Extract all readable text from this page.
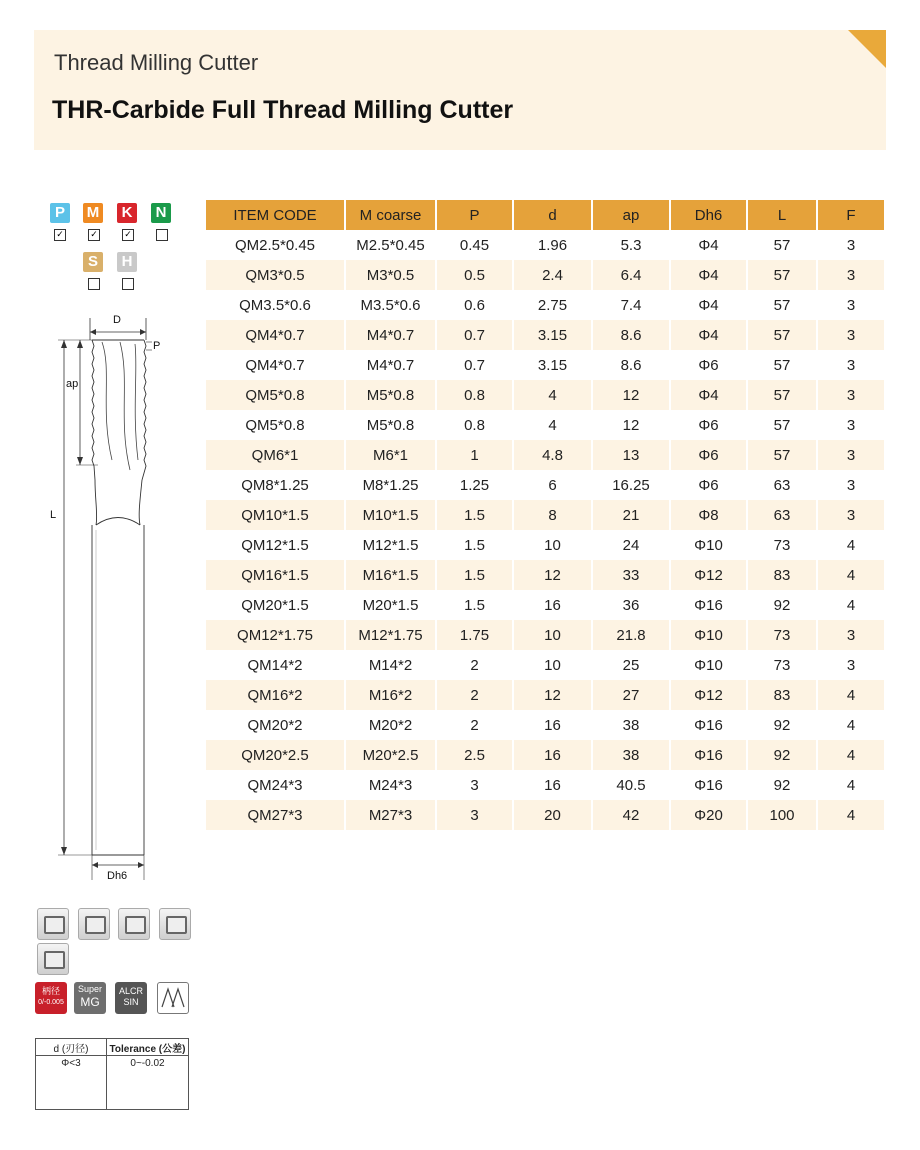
Thread Milling Cutter
THR-Carbide Full Thread Milling Cutter
P	M	K	N
✓	✓	✓
S	H
D
P
ap
L
Dh6
ITEM CODE	M coarse	P	d	ap	Dh6	L	F
QM2.5*0.45	M2.5*0.45	0.45	1.96	5.3	Φ4	57	3
QM3*0.5	M3*0.5	0.5	2.4	6.4	Φ4	57	3
QM3.5*0.6	M3.5*0.6	0.6	2.75	7.4	Φ4	57	3
QM4*0.7	M4*0.7	0.7	3.15	8.6	Φ4	57	3
QM4*0.7	M4*0.7	0.7	3.15	8.6	Φ6	57	3
QM5*0.8	M5*0.8	0.8	4	12	Φ4	57	3
QM5*0.8	M5*0.8	0.8	4	12	Φ6	57	3
QM6*1	M6*1	1	4.8	13	Φ6	57	3
QM8*1.25	M8*1.25	1.25	6	16.25	Φ6	63	3
QM10*1.5	M10*1.5	1.5	8	21	Φ8	63	3
QM12*1.5	M12*1.5	1.5	10	24	Φ10	73	4
QM16*1.5	M16*1.5	1.5	12	33	Φ12	83	4
QM20*1.5	M20*1.5	1.5	16	36	Φ16	92	4
QM12*1.75	M12*1.75	1.75	10	21.8	Φ10	73	3
QM14*2	M14*2	2	10	25	Φ10	73	3
QM16*2	M16*2	2	12	27	Φ12	83	4
QM20*2	M20*2	2	16	38	Φ16	92	4
QM20*2.5	M20*2.5	2.5	16	38	Φ16	92	4
QM24*3	M24*3	3	16	40.5	Φ16	92	4
QM27*3	M27*3	3	20	42	Φ20	100	4
柄径
0/-0.005
Super
MG
ALCR
SIN
d (刃径)	Tolerance (公差)
Φ<3	0~-0.02
